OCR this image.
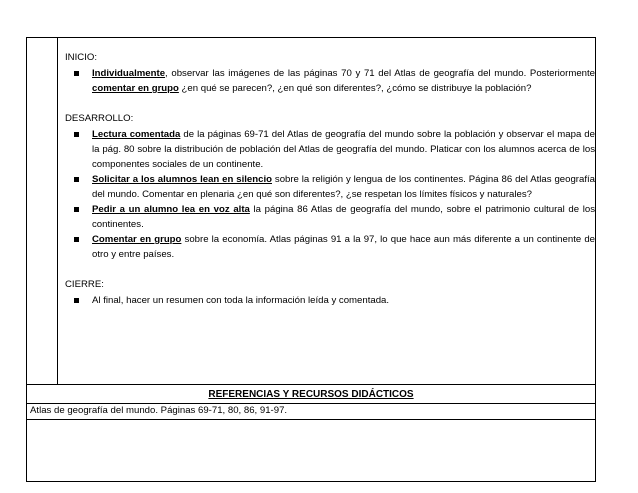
INICIO:

Individualmente, observar las imágenes de las páginas 70 y 71 del Atlas de geografía del mundo. Posteriormente comentar en grupo ¿en qué se parecen?, ¿en qué son diferentes?, ¿cómo se distribuye la población?

DESARROLLO:

Lectura comentada de la páginas 69-71 del Atlas de geografía del mundo sobre la población y observar el mapa de la pág. 80 sobre la distribución de población del Atlas de geografía del mundo. Platicar con los alumnos acerca de los componentes sociales de un continente.
Solicitar a los alumnos lean en silencio sobre la religión y lengua de los continentes. Página 86 del Atlas geografía del mundo. Comentar en plenaria ¿en qué son diferentes?, ¿se respetan los límites físicos y naturales?
Pedir a un alumno lea en voz alta la página 86 Atlas de geografía del mundo, sobre el patrimonio cultural de los continentes.
Comentar en grupo sobre la economía. Atlas páginas 91 a la 97, lo que hace aun más diferente a un continente de otro y entre países.

CIERRE:

Al final, hacer un resumen con toda la información leída y comentada.
REFERENCIAS Y RECURSOS DIDÁCTICOS
Atlas de geografía del mundo. Páginas 69-71, 80, 86, 91-97.
